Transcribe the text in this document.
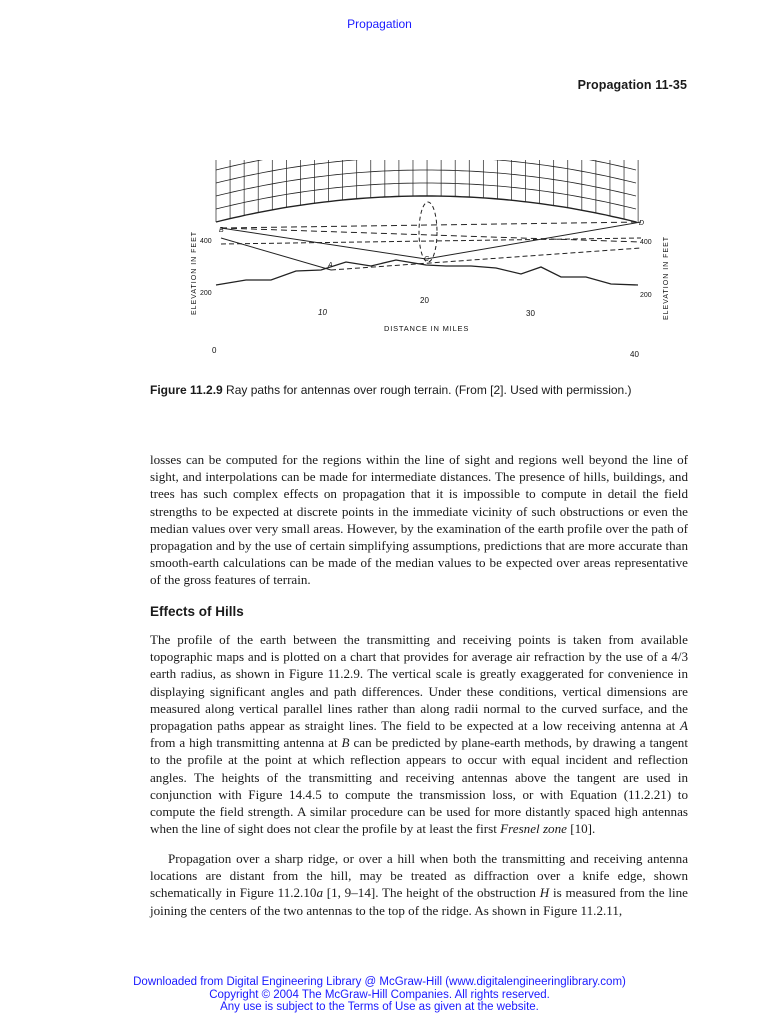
Propagation
Propagation 11-35
ELEVATION IN FEET	ELEVATION IN FEET
DISTANCE IN MILES
400
200
400
200
0
10
20
30
40
B
A
D
C
Figure 11.2.9 Ray paths for antennas over rough terrain. (From [2]. Used with permission.)

losses can be computed for the regions within the line of sight and regions well beyond the line of sight, and interpolations can be made for intermediate distances. The presence of hills, buildings, and trees has such complex effects on propagation that it is impossible to compute in detail the field strengths to be expected at discrete points in the immediate vicinity of such obstructions or even the median values over very small areas. However, by the examination of the earth profile over the path of propagation and by the use of certain simplifying assumptions, predictions that are more accurate than smooth-earth calculations can be made of the median values to be expected over areas representative of the gross features of terrain.

Effects of Hills

The profile of the earth between the transmitting and receiving points is taken from available topographic maps and is plotted on a chart that provides for average air refraction by the use of a 4/3 earth radius, as shown in Figure 11.2.9. The vertical scale is greatly exaggerated for convenience in displaying significant angles and path differences. Under these conditions, vertical dimensions are measured along vertical parallel lines rather than along radii normal to the curved surface, and the propagation paths appear as straight lines. The field to be expected at a low receiving antenna at A from a high transmitting antenna at B can be predicted by plane-earth methods, by drawing a tangent to the profile at the point at which reflection appears to occur with equal incident and reflection angles. The heights of the transmitting and receiving antennas above the tangent are used in conjunction with Figure 14.4.5 to compute the transmission loss, or with Equation (11.2.21) to compute the field strength. A similar procedure can be used for more distantly spaced high antennas when the line of sight does not clear the profile by at least the first Fresnel zone [10].

Propagation over a sharp ridge, or over a hill when both the transmitting and receiving antenna locations are distant from the hill, may be treated as diffraction over a knife edge, shown schematically in Figure 11.2.10a [1, 9–14]. The height of the obstruction H is measured from the line joining the centers of the two antennas to the top of the ridge. As shown in Figure 11.2.11,

Downloaded from Digital Engineering Library @ McGraw-Hill (www.digitalengineeringlibrary.com)
Copyright © 2004 The McGraw-Hill Companies. All rights reserved.
Any use is subject to the Terms of Use as given at the website.
